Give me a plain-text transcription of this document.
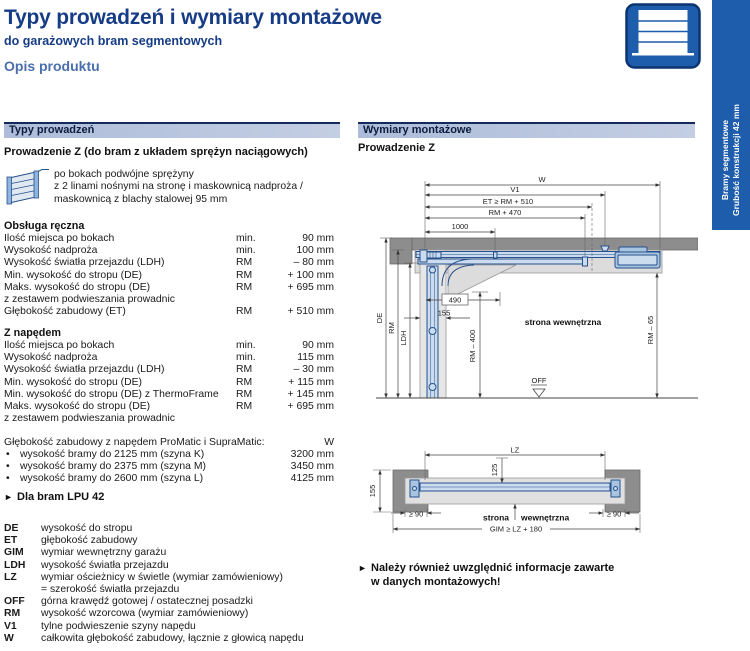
Typy prowadzeń i wymiary montażowe
do garażowych bram segmentowych
Opis produktu
Bramy segmentowe Grubość konstrukcji 42 mm
Typy prowadzeń	Wymiary montażowe
Prowadzenie Z (do bram z układem sprężyn naciągowych)
po bokach podwójne sprężyny
z 2 linami nośnymi na stronę i maskownicą nadproża /
maskownicą z blachy stalowej 95 mm
Obsługa ręczna
Ilość miejsca po bokach	min.	90 mm
Wysokość nadproża	min.	100 mm
Wysokość światła przejazdu (LDH)	RM	– 80 mm
Min. wysokość do stropu (DE)	RM	+ 100 mm
Maks. wysokość do stropu (DE)	RM	+ 695 mm
z zestawem podwieszania prowadnic
Głębokość zabudowy (ET)	RM	+ 510 mm
Z napędem
Ilość miejsca po bokach	min.	90 mm
Wysokość nadproża	min.	115 mm
Wysokość światła przejazdu (LDH)	RM	– 30 mm
Min. wysokość do stropu (DE)	RM	+ 115 mm
Min. wysokość do stropu (DE) z ThermoFrame	RM	+ 145 mm
Maks. wysokość do stropu (DE)	RM	+ 695 mm
z zestawem podwieszania prowadnic
Głębokość zabudowy z napędem ProMatic i SupraMatic:	W
• wysokość bramy do 2125 mm (szyna K)	3200 mm
• wysokość bramy do 2375 mm (szyna M)	3450 mm
• wysokość bramy do 2600 mm (szyna L)	4125 mm
► Dla bram LPU 42
DE	wysokość do stropu
ET	głębokość zabudowy
GIM	wymiar wewnętrzny garażu
LDH	wysokość światła przejazdu
LZ	wymiar ościeżnicy w świetle (wymiar zamówieniowy)
= szerokość światła przejazdu
OFF	górna krawędź gotowej / ostatecznej posadzki
RM	wysokość wzorcowa (wymiar zamówieniowy)
V1	tylne podwieszenie szyny napędu
W	całkowita głębokość zabudowy, łącznie z głowicą napędu
Prowadzenie Z
W
V1
ET ≥ RM + 510
RM + 470
1000
490
155
DE
RM
LDH	RM – 400	RM – 65
strona wewnętrzna
OFF
LZ
125
155
≥ 90	≥ 90
strona wewnętrzna
GIM ≥ LZ + 180
► Należy również uwzględnić informacje zawarte
w danych montażowych!
